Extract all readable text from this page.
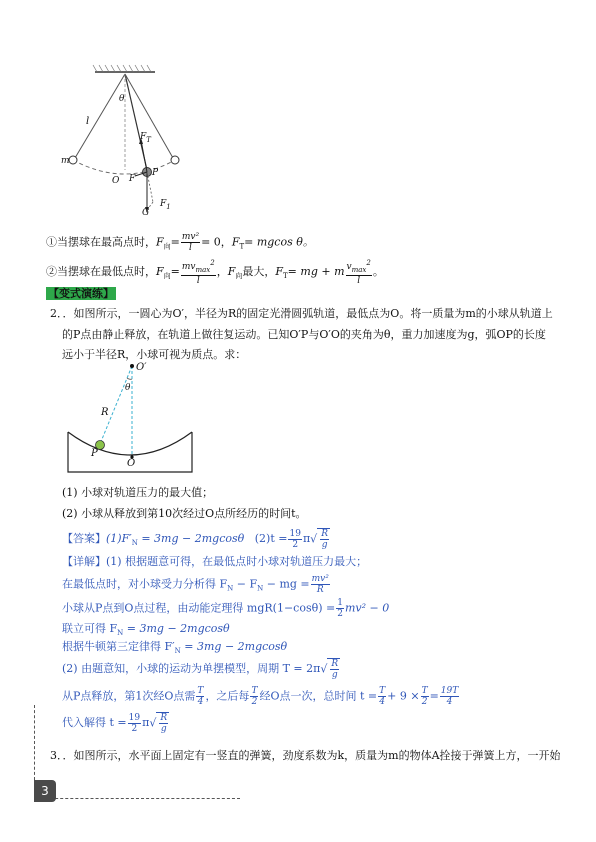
θ
l
$F_T$
m
O F
P
G
$F_1$
①当摆球在最高点时，$F_向= \frac{\text{mv²}}{l} = 0$，$F_T= mgcos$ θ。
②当摆球在最低点时，$F_向= \frac{mv_{max}^2}{l}$ ，$F_向$最大，$F_T=$ mg + m $\frac{v_{max}^2}{l}$ 。
【变式演练】
2．．如图所示，一圆心为O′，半径为R的固定光滑圆弧轨道，最低点为O。将一质量为m的小球从轨道上
的P点由静止释放，在轨道上做往复运动。已知O′P与O′O的夹角为θ，重力加速度为g，弧OP的长度
远小于半径R，小球可视为质点。求：
O′
θ
R
P
O
(1) 小球对轨道压力的最大值；
(2) 小球从释放到第10次经过O点所经历的时间t。
【答案】$(1)F'_N = 3mg - 2mgcos\theta$ $(2)t = \frac{19}{2} \pi√ \frac{R}{g}$
【详解】(1) 根据题意可得，在最低点时小球对轨道压力最大；
在最低点时，对小球受力分析得 $F_N - F_N$ − mg = $\frac{\text{mv²}}{R}$
小球从P点到O点过程，由动能定理得 $mgR(1-\cos\theta) = \frac{1}{2} mv^2 - 0$
联立可得 $F_N = 3mg - 2mgcos\theta$
根据牛顿第三定律得 $F'_N = 3mg - 2mgcos\theta$
(2) 由题意知，小球的运动为单摆模型，周期 $T = 2\pi√ \frac{R}{g}$
从P点释放，第1次经O点需 $\frac{T}{4}$ ，之后每 $\frac{T}{2}$ 经O点一次，总时间 $t = \frac{T}{4} + 9 \times \frac{T}{2} = \frac{19T}{4}$
代入解得 $t = \frac{19}{2} \pi√ \frac{R}{g}$
3．．如图所示，水平面上固定有一竖直的弹簧，劲度系数为k，质量为m的物体A拴接于弹簧上方，一开始
3
